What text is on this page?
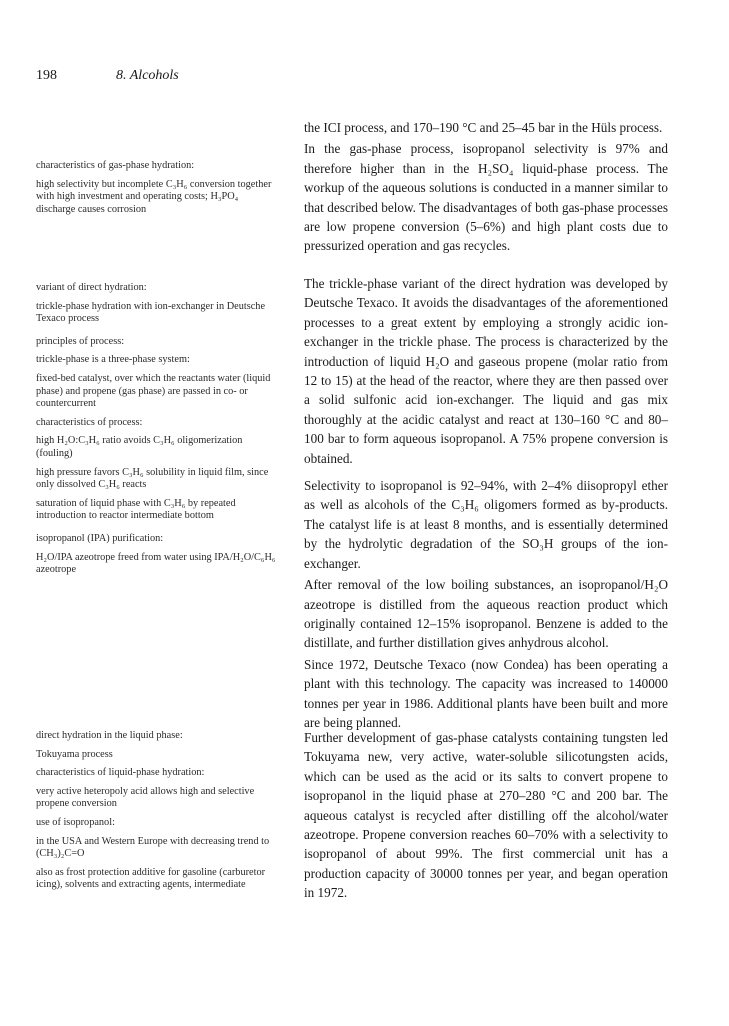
198	8. Alcohols

characteristics of gas-phase hydration:

high selectivity but incomplete C₃H₆ conversion together with high investment and operating costs; H₃PO₄ discharge causes corrosion

variant of direct hydration:

trickle-phase hydration with ion-exchanger in Deutsche Texaco process

principles of process:

trickle-phase is a three-phase system:

fixed-bed catalyst, over which the reactants water (liquid phase) and propene (gas phase) are passed in co- or countercurrent

characteristics of process:

high H₂O:C₃H₆ ratio avoids C₃H₆ oligomerization (fouling)

high pressure favors C₃H₆ solubility in liquid film, since only dissolved C₃H₆ reacts

saturation of liquid phase with C₃H₆ by repeated introduction to reactor intermediate bottom

isopropanol (IPA) purification:

H₂O/IPA azeotrope freed from water using IPA/H₂O/C₆H₆ azeotrope

direct hydration in the liquid phase:

Tokuyama process

characteristics of liquid-phase hydration:

very active heteropoly acid allows high and selective propene conversion

use of isopropanol:

in the USA and Western Europe with decreasing trend to (CH₃)₂C=O

also as frost protection additive for gasoline (carburetor icing), solvents and extracting agents, intermediate

the ICI process, and 170–190 °C and 25–45 bar in the Hüls process.

In the gas-phase process, isopropanol selectivity is 97% and therefore higher than in the H₂SO₄ liquid-phase process. The workup of the aqueous solutions is conducted in a manner similar to that described below. The disadvantages of both gas-phase processes are low propene conversion (5–6%) and high plant costs due to pressurized operation and gas recycles.

The trickle-phase variant of the direct hydration was developed by Deutsche Texaco. It avoids the disadvantages of the aforementioned processes to a great extent by employing a strongly acidic ion-exchanger in the trickle phase. The process is characterized by the introduction of liquid H₂O and gaseous propene (molar ratio from 12 to 15) at the head of the reactor, where they are then passed over a solid sulfonic acid ion-exchanger. The liquid and gas mix thoroughly at the acidic catalyst and react at 130–160 °C and 80–100 bar to form aqueous isopropanol. A 75% propene conversion is obtained.

Selectivity to isopropanol is 92–94%, with 2–4% diisopropyl ether as well as alcohols of the C₃H₆ oligomers formed as by-products. The catalyst life is at least 8 months, and is essentially determined by the hydrolytic degradation of the SO₃H groups of the ion-exchanger.

After removal of the low boiling substances, an isopropanol/H₂O azeotrope is distilled from the aqueous reaction product which originally contained 12–15% isopropanol. Benzene is added to the distillate, and further distillation gives anhydrous alcohol.

Since 1972, Deutsche Texaco (now Condea) has been operating a plant with this technology. The capacity was increased to 140000 tonnes per year in 1986. Additional plants have been built and more are being planned.

Further development of gas-phase catalysts containing tungsten led Tokuyama new, very active, water-soluble silicotungsten acids, which can be used as the acid or its salts to convert propene to isopropanol in the liquid phase at 270–280 °C and 200 bar. The aqueous catalyst is recycled after distilling off the alcohol/water azeotrope. Propene conversion reaches 60–70% with a selectivity to isopropanol of about 99%. The first commercial unit has a production capacity of 30000 tonnes per year, and began operation in 1972.
